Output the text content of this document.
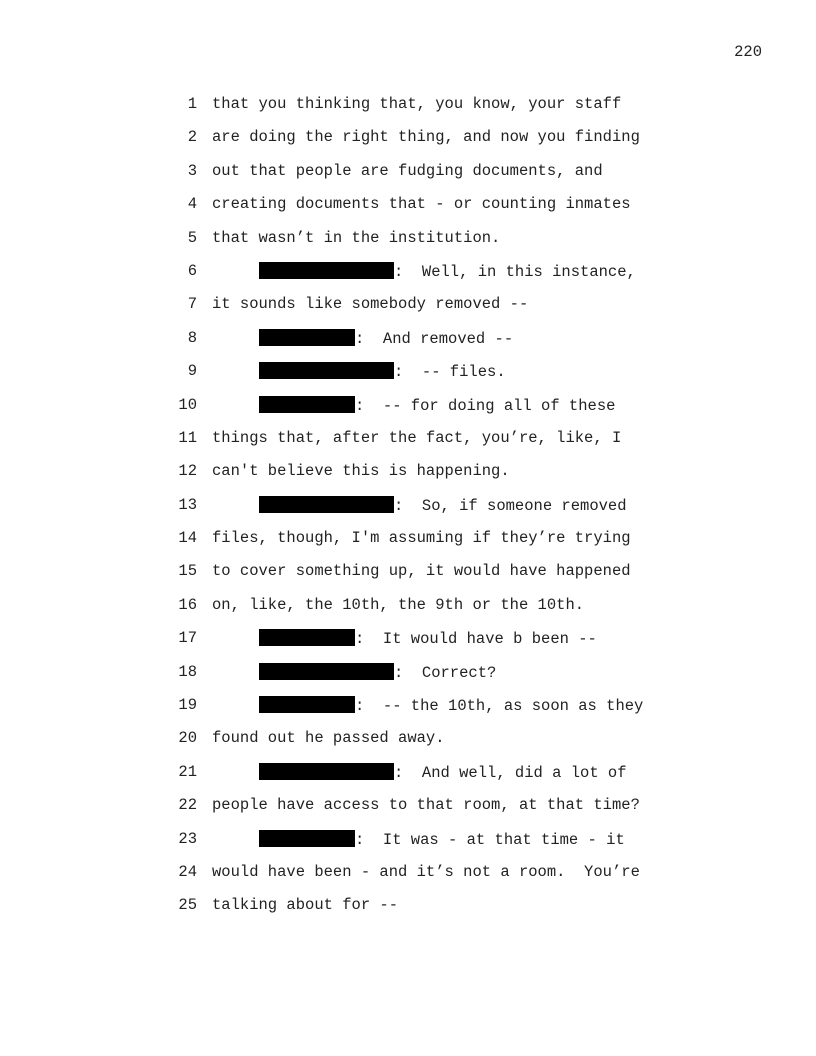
220

1

that you thinking that, you know, your staff

2

are doing the right thing, and now you finding

3

out that people are fudging documents, and

4

creating documents that - or counting inmates

5

that wasn’t in the institution.

6

	:  Well, in this instance,

7

it sounds like somebody removed --

8

	:  And removed --

9

	:  -- files.

10

	:  -- for doing all of these

11

things that, after the fact, you’re, like, I

12

can't believe this is happening.

13

	:  So, if someone removed

14

files, though, I'm assuming if they’re trying

15

to cover something up, it would have happened

16

on, like, the 10th, the 9th or the 10th.

17

	:  It would have b been --

18

	:  Correct?

19

	:  -- the 10th, as soon as they

20

found out he passed away.

21

	:  And well, did a lot of

22

people have access to that room, at that time?

23

	:  It was - at that time - it

24

would have been - and it’s not a room.  You’re

25

talking about for --
